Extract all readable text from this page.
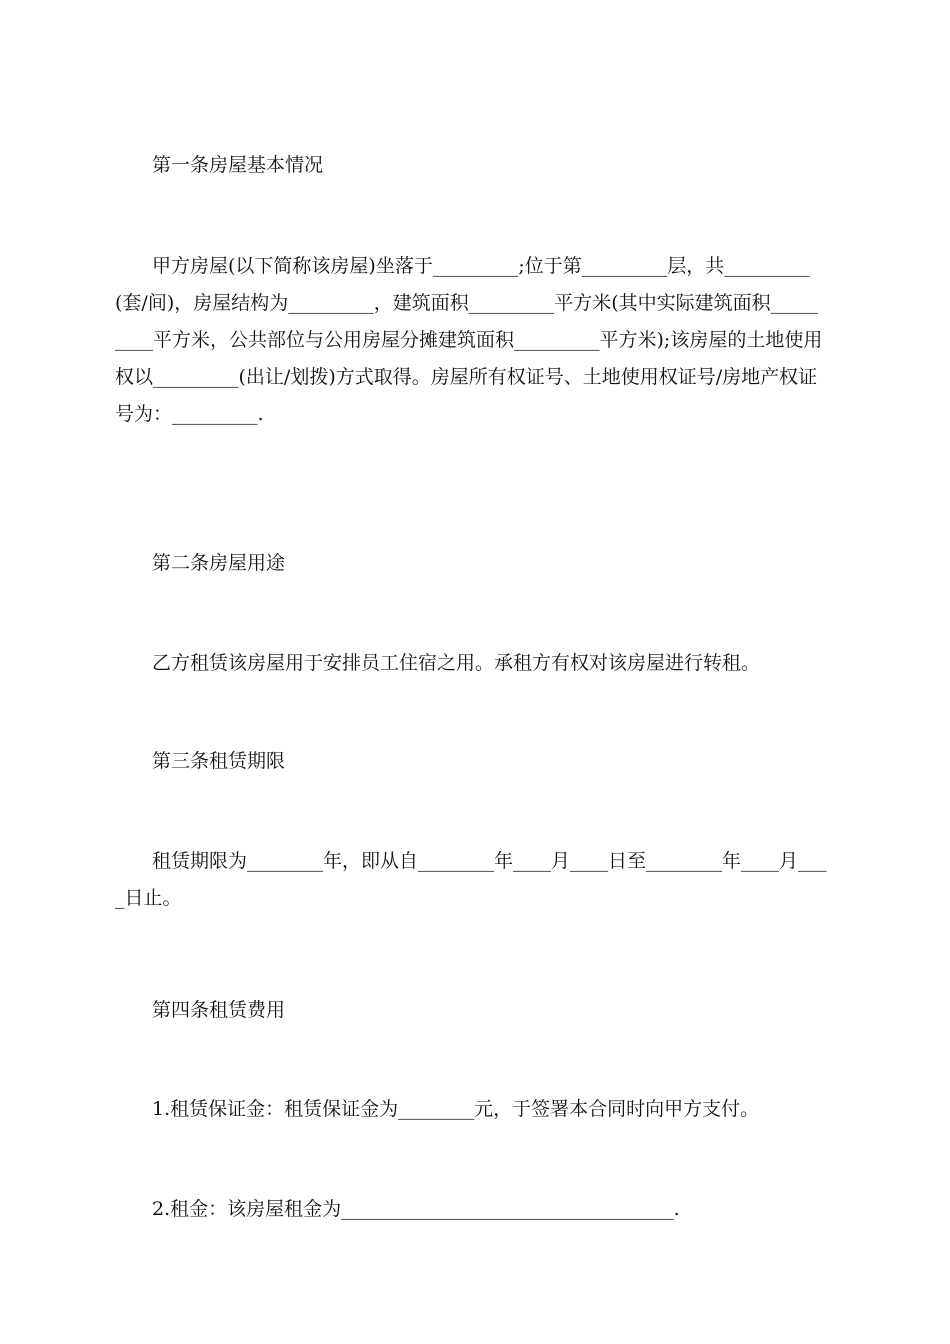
第一条房屋基本情况
甲方房屋(以下简称该房屋)坐落于_________;位于第_________层，共_________
(套/间)，房屋结构为_________，建筑面积_________平方米(其中实际建筑面积_____
____平方米，公共部位与公用房屋分摊建筑面积_________平方米);该房屋的土地使用
权以_________(出让/划拨)方式取得。房屋所有权证号、土地使用权证号/房地产权证
号为：_________.
第二条房屋用途
乙方租赁该房屋用于安排员工住宿之用。承租方有权对该房屋进行转租。
第三条租赁期限
租赁期限为________年，即从自________年____月____日至________年____月___
_日止。
第四条租赁费用
1.租赁保证金：租赁保证金为________元，于签署本合同时向甲方支付。
2.租金：该房屋租金为___________________________________.
